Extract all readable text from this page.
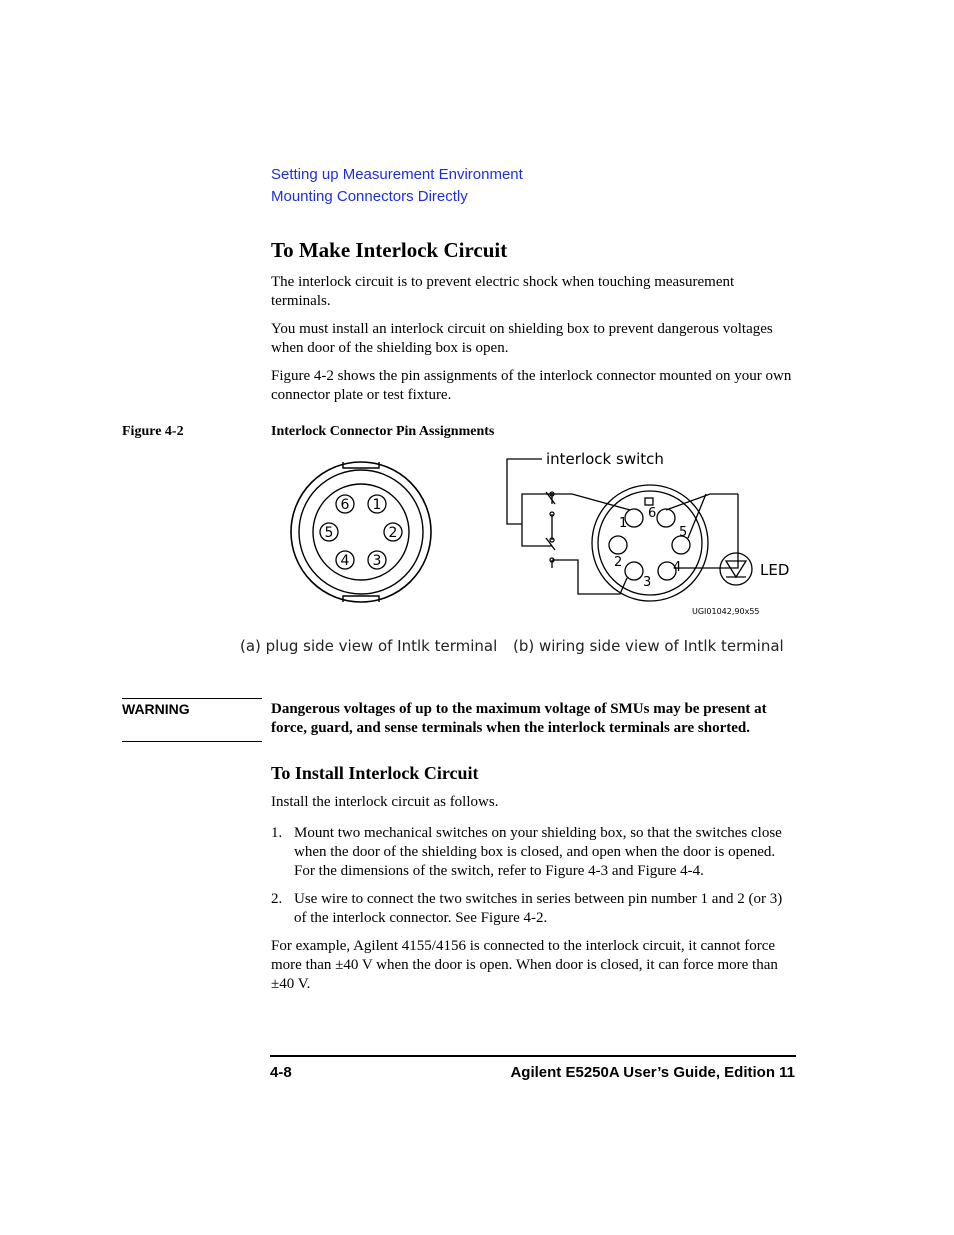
Setting up Measurement Environment
Mounting Connectors Directly
To Make Interlock Circuit

The interlock circuit is to prevent electric shock when touching measurement terminals.

You must install an interlock circuit on shielding box to prevent dangerous voltages when door of the shielding box is open.

Figure 4-2 shows the pin assignments of the interlock connector mounted on your own connector plate or test fixture.

Figure 4-2	Interlock Connector Pin Assignments
6 1
5	2
4 3
interlock switch
LED
UGI01042,90x55
1
6
5
2
3
4
(a) plug side view of Intlk terminal (b) wiring side view of Intlk terminal
WARNING	Dangerous voltages of up to the maximum voltage of SMUs may be present at force, guard, and sense terminals when the interlock terminals are shorted.

To Install Interlock Circuit

Install the interlock circuit as follows.

1. Mount two mechanical switches on your shielding box, so that the switches close when the door of the shielding box is closed, and open when the door is opened. For the dimensions of the switch, refer to Figure 4-3 and Figure 4-4.
2. Use wire to connect the two switches in series between pin number 1 and 2 (or 3) of the interlock connector. See Figure 4-2.

For example, Agilent 4155/4156 is connected to the interlock circuit, it cannot force more than ±40 V when the door is open. When door is closed, it can force more than ±40 V.

4-8	Agilent E5250A User’s Guide, Edition 11
